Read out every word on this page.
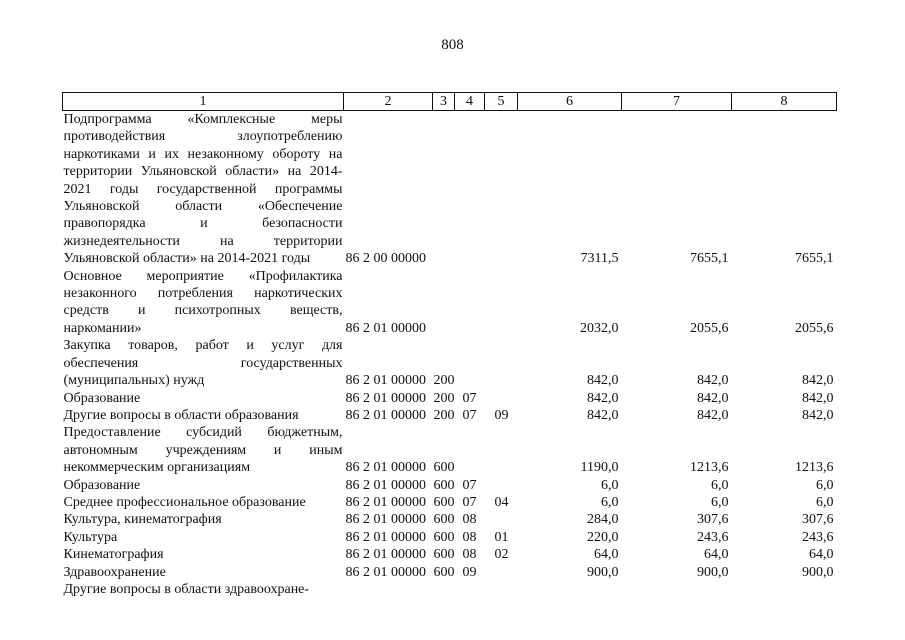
808
1	2	3	4	5	6	7	8
Подпрограмма «Комплексные меры противодействия злоупотреблению наркотиками и их незаконному обороту на территории Ульяновской области» на 2014-2021 годы государственной программы Ульяновской области «Обеспечение правопорядка и безопасности жизнедеятельности на территории Ульяновской области» на 2014-2021 годы	86 2 00 00000				7311,5	7655,1	7655,1
Основное мероприятие «Профилактика незаконного потребления наркотических средств и психотропных веществ, наркомании»	86 2 01 00000				2032,0	2055,6	2055,6
Закупка товаров, работ и услуг для обеспечения государственных (муниципальных) нужд	86 2 01 00000	200			842,0	842,0	842,0
Образование	86 2 01 00000	200	07		842,0	842,0	842,0
Другие вопросы в области образования	86 2 01 00000	200	07	09	842,0	842,0	842,0
Предоставление субсидий бюджетным, автономным учреждениям и иным некоммерческим организациям	86 2 01 00000	600			1190,0	1213,6	1213,6
Образование	86 2 01 00000	600	07		6,0	6,0	6,0
Среднее профессиональное образование	86 2 01 00000	600	07	04	6,0	6,0	6,0
Культура, кинематография	86 2 01 00000	600	08		284,0	307,6	307,6
Культура	86 2 01 00000	600	08	01	220,0	243,6	243,6
Кинематография	86 2 01 00000	600	08	02	64,0	64,0	64,0
Здравоохранение	86 2 01 00000	600	09		900,0	900,0	900,0
Другие вопросы в области здравоохране-							
